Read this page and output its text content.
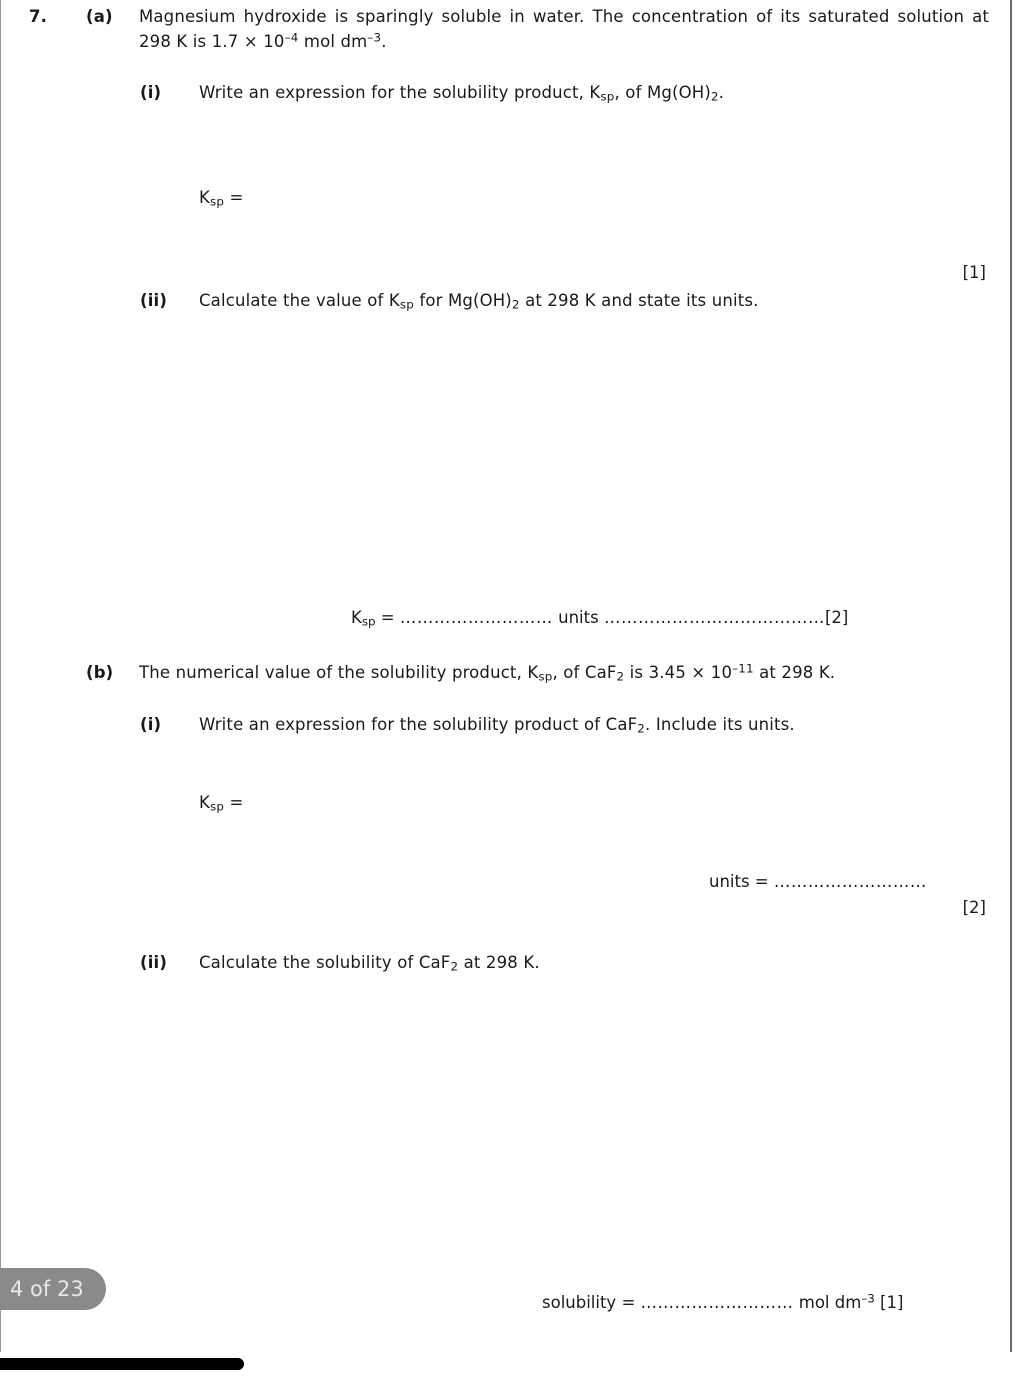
7.	(a)	Magnesium hydroxide is sparingly soluble in water. The concentration of its saturated solution at 298 K is $1.7 \times 10^{-4}$ mol $dm^{-3}$.
(i)	Write an expression for the solubility product, $K_{sp}$, of $Mg(OH)_2$.
$K_{sp}$ =
[1]
(ii)	Calculate the value of $K_{sp}$ for $Mg(OH)_2$ at 298 K and state its units.
$K_{sp}$ = ……………………… units …………………………………[2]
(b)	The numerical value of the solubility product, $K_{sp}$, of CaF$_2$ is $3.45 \times 10^{-11}$ at 298 K.
(i)	Write an expression for the solubility product of CaF$_2$. Include its units.
$K_{sp}$ =
units = ………………………
[2]
(ii)	Calculate the solubility of CaF$_2$ at 298 K.
solubility = ……………………… mol $dm^{-3}$ [1]
4 of 23
